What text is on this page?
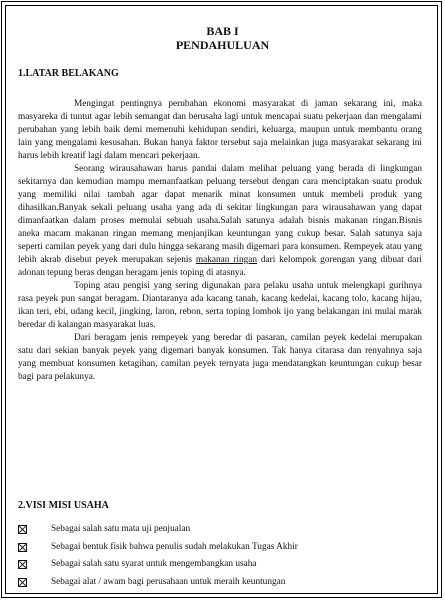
BAB I
PENDAHULUAN
1.LATAR BELAKANG

Mengingat pentingnya perubahan ekonomi masyarakat di jaman sekarang ini, maka masyareka di tuntut agar lebih semangat dan berusaha lagi untuk mencapai suatu pekerjaan dan mengalami perubahan yang lebih baik demi memenuhi kehidupan sendiri, keluarga, maupun untuk membantu orang lain yang mengalami kesusahan. Bukan hanya faktor tersebut saja melainkan juga masyarakat sekarang ini harus lebih kreatif lagi dalam mencari pekerjaan.

Seorang wirausahawan harus pandai dalam melihat peluang yang berada di lingkungan sekitarnya dan kemudian mampu memanfaatkan peluang tersebut dengan cara menciptakan suatu produk yang memiliki nilai tambah agar dapat menarik minat konsumen untuk membeli produk yang dihasilkan.Banyak sekali peluang usaha yang ada di sekitar lingkungan para wirausahawan yang dapat dimanfaatkan dalam proses memulai sebuah usaha.Salah satunya adalah bisnis makanan ringan.Bisnis aneka macam makanan ringan memang menjanjikan keuntungan yang cukup besar. Salah satunya saja seperti camilan peyek yang dari dulu hingga sekarang masih digemari para konsumen. Rempeyek atau yang lebih akrab disebut peyek merupakan sejenis makanan ringan dari kelompok gorengan yang dibuat dari adonan tepung beras dengan beragam jenis toping di atasnya.

Toping atau pengisi yang sering digunakan para pelaku usaha untuk melengkapi gurihnya rasa peyek pun sangat beragam. Diantaranya ada kacang tanah, kacang kedelai, kacang tolo, kacang hijau, ikan teri, ebi, udang kecil, jingking, laron, rebon, serta toping lombok ijo yang belakangan ini mulai marak beredar di kalangan masyarakat luas.

Dari beragam jenis rempeyek yang beredar di pasaran, camilan peyek kedelai merupakan satu dari sekian banyak peyek yang digemari banyak konsumen. Tak hanya citarasa dan renyahnya saja yang membuat konsumen ketagihan, camilan peyek ternyata juga mendatangkan keuntungan cukup besar bagi para pelakunya.

2.VISI MISI USAHA
Sebagai salah satu mata uji penjualan
Sebagai bentuk fisik bahwa penulis sudah melakukan Tugas Akhir
Sebagai salah satu syarat untuk mengembangkan usaha
Sebagai alat / awam bagi perusahaan untuk meraih keuntungan
